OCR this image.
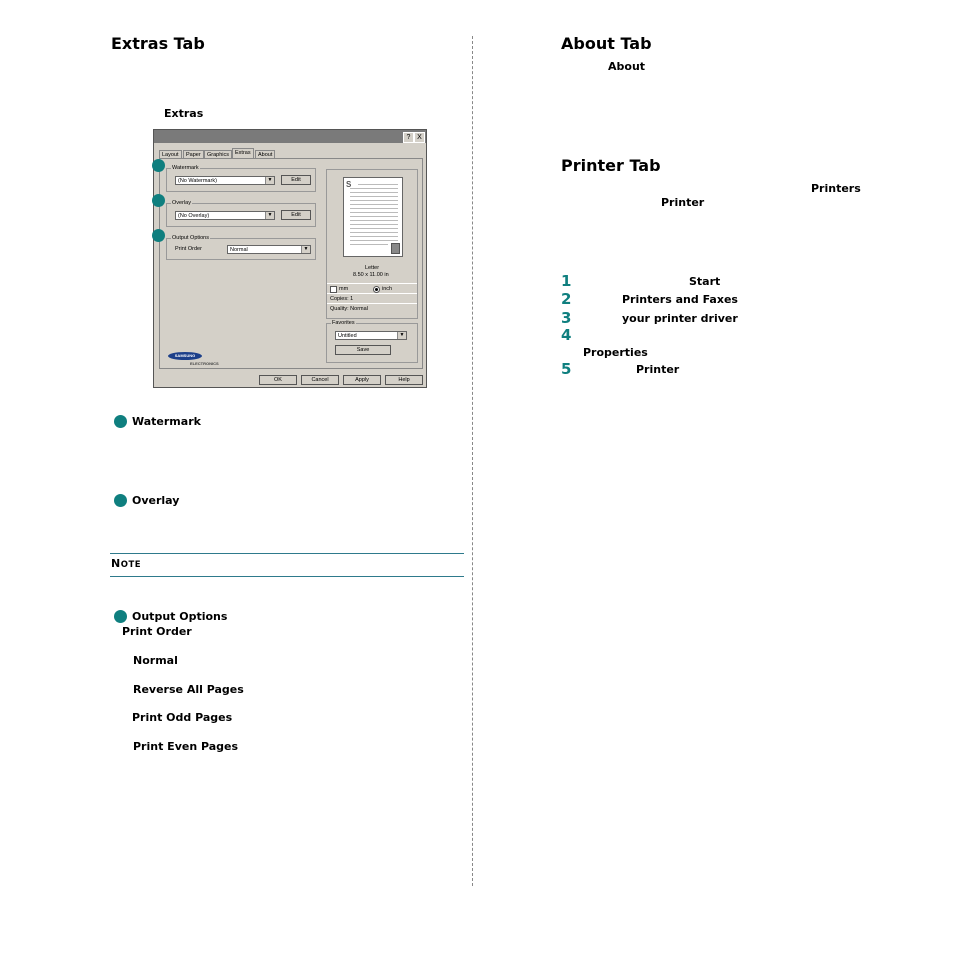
Extras Tab
Extras
? X
Layout	Paper	Graphics	Extras	About
Watermark
(No Watermark)	▼	Edit
Overlay
(No Overlay)	▼	Edit
Output Options
Print Order	Normal	▼
S
Letter
8.50 x 11.00 in
mm	inch
Copies: 1
Quality: Normal
Favorites
Untitled	▼
Save
SAMSUNG
ELECTRONICS
OK	Cancel	Apply	Help
Watermark
Overlay
NOTE
Output Options
Print Order
Normal
Reverse All Pages
Print Odd Pages
Print Even Pages
About Tab
About
Printer Tab
Printers
Printer
1	Start
2	Printers and Faxes
3	your printer driver
4
Properties
5	Printer
